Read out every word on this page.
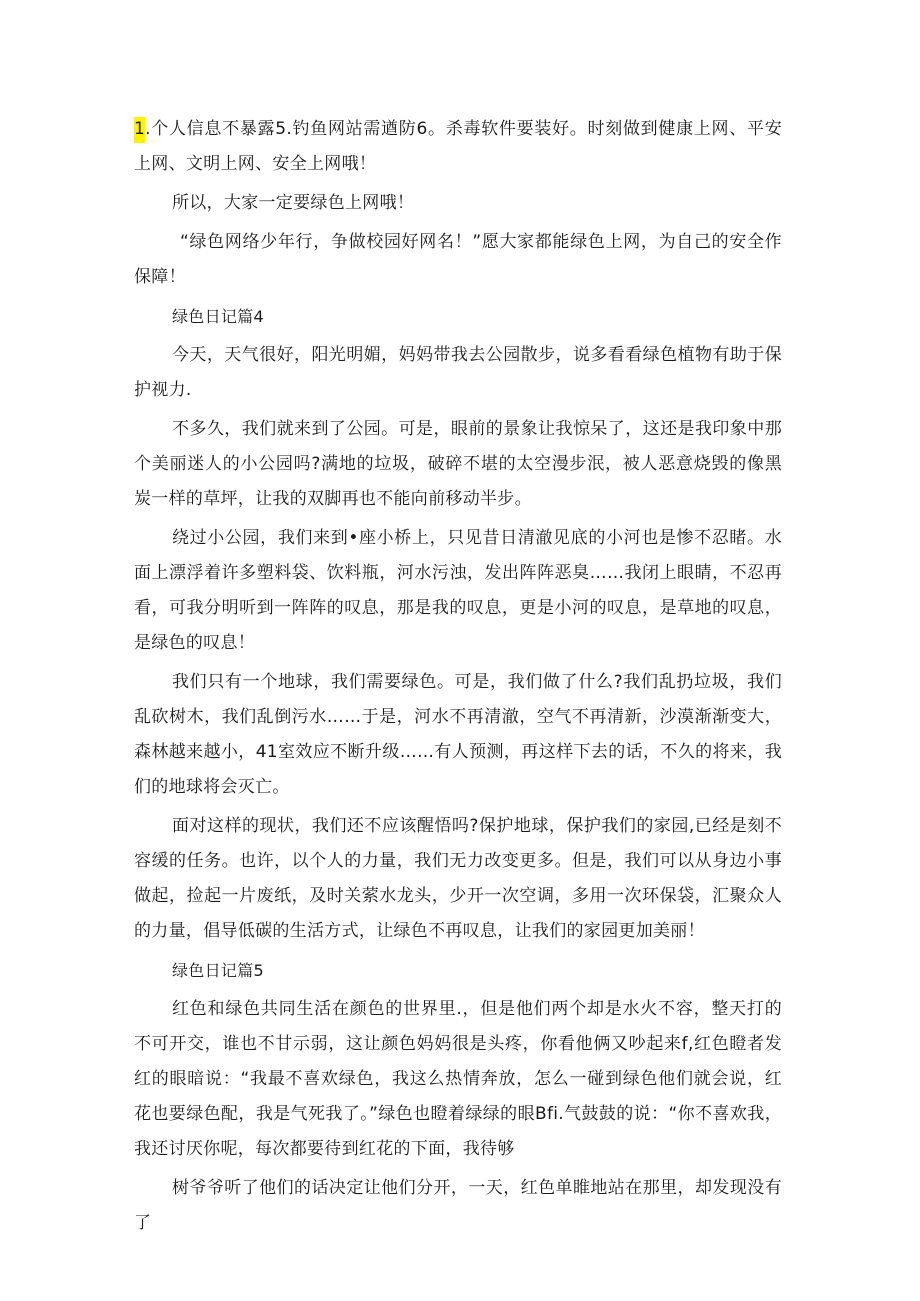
1.个人信息不暴露5.钓鱼网站需遒防6。杀毒软件要装好。时刻做到健康上网、平安上网、文明上网、安全上网哦！

所以，大家一定要绿色上网哦！

“绿色网络少年行，争做校园好网名！”愿大家都能绿色上网，为自己的安全作保障！

绿色日记篇4

今天，天气很好，阳光明媚，妈妈带我去公园散步，说多看看绿色植物有助于保护视力.

不多久，我们就来到了公园。可是，眼前的景象让我惊呆了，这还是我印象中那个美丽迷人的小公园吗?满地的垃圾，破碎不堪的太空漫步泯，被人恶意烧毁的像黑炭一样的草坪，让我的双脚再也不能向前移动半步。

绕过小公园，我们来到•座小桥上，只见昔日清澈见底的小河也是惨不忍睹。水面上漂浮着许多塑料袋、饮料瓶，河水污浊，发出阵阵恶臭……我闭上眼睛，不忍再看，可我分明听到一阵阵的叹息，那是我的叹息，更是小河的叹息，是草地的叹息，是绿色的叹息！

我们只有一个地球，我们需要绿色。可是，我们做了什么?我们乱扔垃圾，我们乱砍树木，我们乱倒污水……于是，河水不再清澈，空气不再清新，沙漠渐渐变大，森林越来越小，41室效应不断升级……有人预测，再这样下去的话，不久的将来，我们的地球将会灭亡。

面对这样的现状，我们还不应该醒悟吗?保护地球，保护我们的家园,已经是刻不容缓的任务。也许，以个人的力量，我们无力改变更多。但是，我们可以从身边小事做起，捡起一片废纸，及时关萦水龙头，少开一次空调，多用一次环保袋，汇聚众人的力量，倡导低碳的生活方式，让绿色不再叹息，让我们的家园更加美丽！

绿色日记篇5

红色和绿色共同生活在颜色的世界里.，但是他们两个却是水火不容，整天打的不可开交，谁也不甘示弱，这让颜色妈妈很是头疼，你看他俩又吵起来f,红色瞪者发红的眼暗说：“我最不喜欢绿色，我这么热情奔放，怎么一碰到绿色他们就会说，红花也要绿色配，我是气死我了。”绿色也瞪着绿绿的眼Bfi.气鼓鼓的说：“你不喜欢我，我还讨厌你呢，每次都要待到红花的下面，我待够

树爷爷听了他们的话决定让他们分开，一天，红色单睢地站在那里，却发现没有了
